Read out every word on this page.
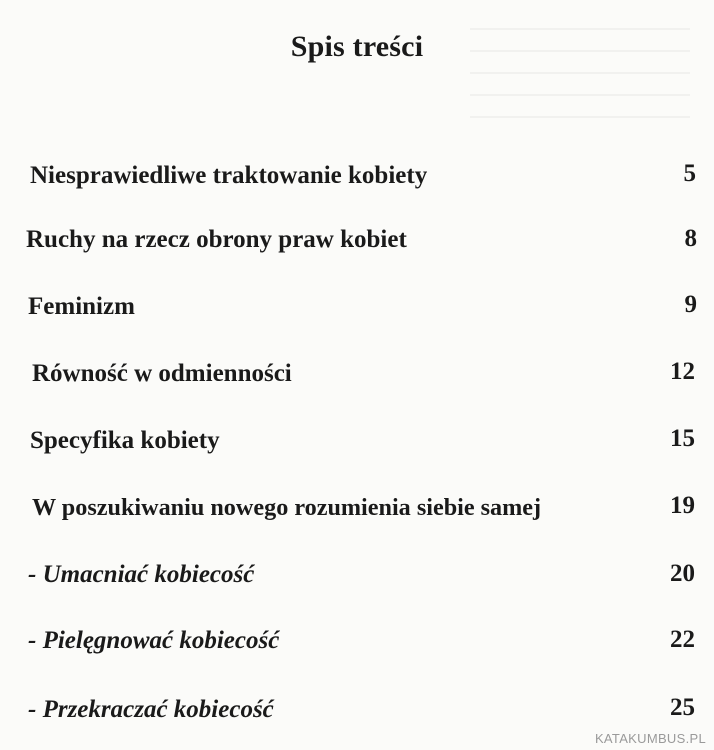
Spis treści
Niesprawiedliwe traktowanie kobiety	5
Ruchy na rzecz obrony praw kobiet	8
Feminizm	9
Równość w odmienności	12
Specyfika kobiety	15
W poszukiwaniu nowego rozumienia siebie samej	19
- Umacniać kobiecość	20
- Pielęgnować kobiecość	22
- Przekraczać kobiecość	25
KATAKUMBUS.PL
